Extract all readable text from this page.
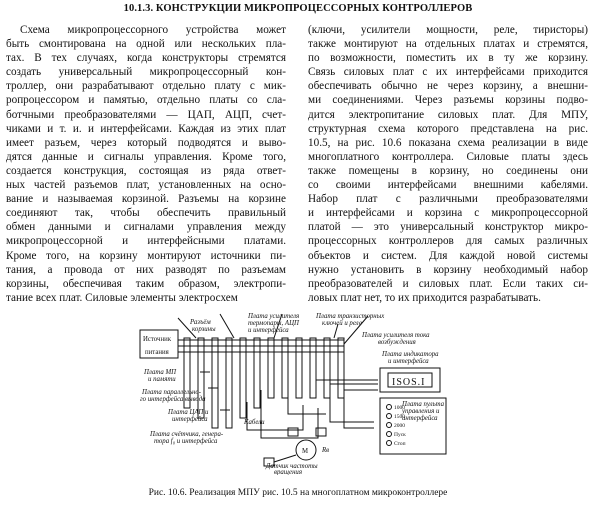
10.1.3. КОНСТРУКЦИИ МИКРОПРОЦЕССОРНЫХ КОНТРОЛЛЕРОВ
Схема микропроцессорного устройства может
быть смонтирована на одной или нескольких пла-
тах. В тех случаях, когда конструкторы стремятся
создать универсальный микропроцессорный кон-
троллер, они разрабатывают отдельно плату с мик-
ропроцессором и памятью, отдельно платы со сла-
ботчными преобразователями — ЦАП, АЦП, счет-
чиками и т. и. и интерфейсами. Каждая из этих плат
имеет разъем, через который подводятся и выво-
дятся данные и сигналы управления. Кроме того,
создается конструкция, состоящая из ряда ответ-
ных частей разъемов плат, установленных на осно-
вание и называемая корзиной. Разъемы на корзине
соединяют так, чтобы обеспечить правильный
обмен данными и сигналами управления между
микропроцессорной и интерфейсными платами.
Кроме того, на корзину монтируют источники пи-
тания, а провода от них разводят по разъемам
корзины, обеспечивая таким образом, электропи-
тание всех плат. Силовые элементы электросхем
(ключи, усилители мощности, реле, тиристоры)
также монтируют на отдельных платах и стремятся,
по возможности, поместить их в ту же корзину.
Связь силовых плат с их интерфейсами приходится
обеспечивать обычно не через корзину, а внешни-
ми соединениями. Через разъемы корзины подво-
дится электропитание силовых плат. Для МПУ,
структурная схема которого представлена на рис.
10.5, на рис. 10.6 показана схема реализации в виде
многоплатного контроллера. Силовые платы здесь
также помещены в корзину, но соединены они
со своими интерфейсами внешними кабелями.
Набор плат с различными преобразователями
и интерфейсами и корзина с микропроцессорной
платой — это универсальный конструктор микро-
процессорных контроллеров для самых различных
объектов и систем. Для каждой новой системы
нужно установить в корзину необходимый набор
преобразователей и силовых плат. Если таких си-
ловых плат нет, то их приходится разрабатывать.
Разъём
корзины
Источник
питания
Плата усилителя
термопары, АЦП
и интерфейса
Плата транзисторных
ключей и реле
Плата усилителя тока
возбуждения
Плата индикатора
и интерфейса
ISOS.I
Плата пульта
управления и
интерфейса
1000
1500
2000
Пуск
Стоп
Плата МП
и памяти
Плата параллельно-
го интерфейса вывода
Плата ЦАП и
интерфейса
Плата счётчика, генера-
тора f₀ и интерфейса
Кабели
М Rв
Датчик частоты
вращения
Рис. 10.6. Реализация МПУ рис. 10.5 на многоплатном микроконтроллере
